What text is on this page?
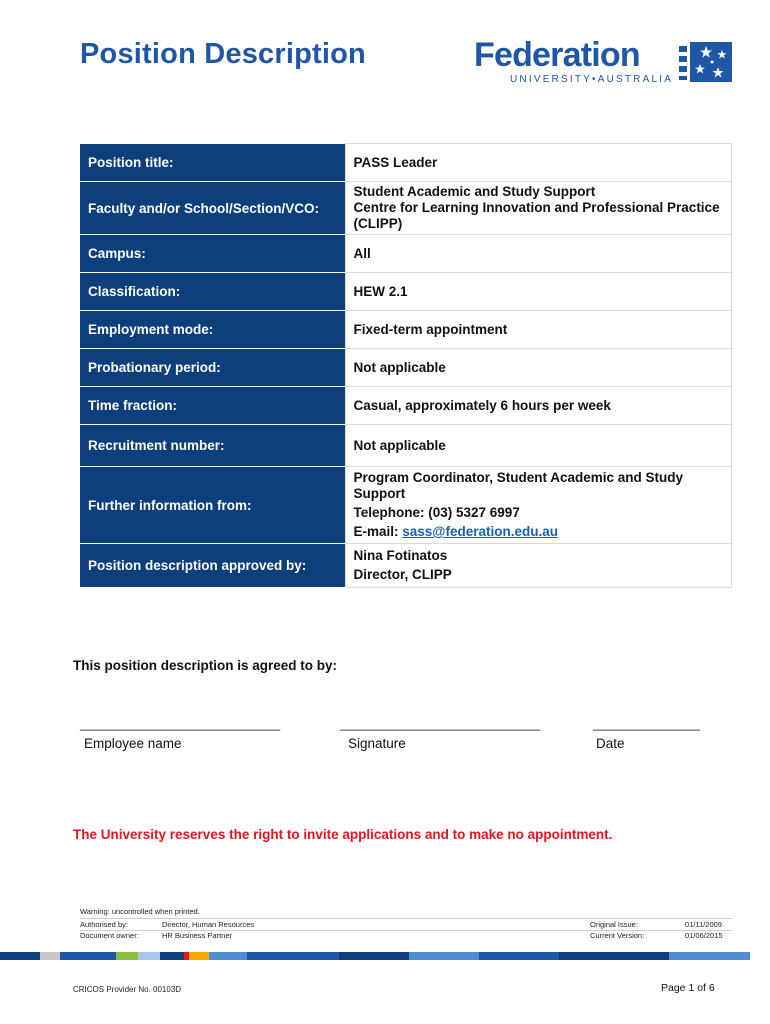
Position Description	Federation
UNIVERSITY•AUSTRALIA
Position title:	PASS Leader
Faculty and/or School/Section/VCO:	Student Academic and Study Support
Centre for Learning Innovation and Professional Practice (CLIPP)

Campus:	All
Classification:	HEW 2.1
Employment mode:	Fixed-term appointment
Probationary period:	Not applicable
Time fraction:	Casual, approximately 6 hours per week
Recruitment number:	Not applicable
Further information from:	Program Coordinator, Student Academic and Study Support
Telephone: (03) 5327 6997
E-mail: sass@federation.edu.au

Position description approved by:	Nina Fotinatos
Director, CLIPP
This position description is agreed to by:
______________________________	______________________________	________________
Employee name	Signature	Date
The University reserves the right to invite applications and to make no appointment.
Warning: uncontrolled when printed.
Authorised by:	Director, Human Resources	Original Issue:	01/11/2009
Document owner:	HR Business Partner	Current Version:	01/06/2015
CRICOS Provider No. 00103D	Page 1 of 6
